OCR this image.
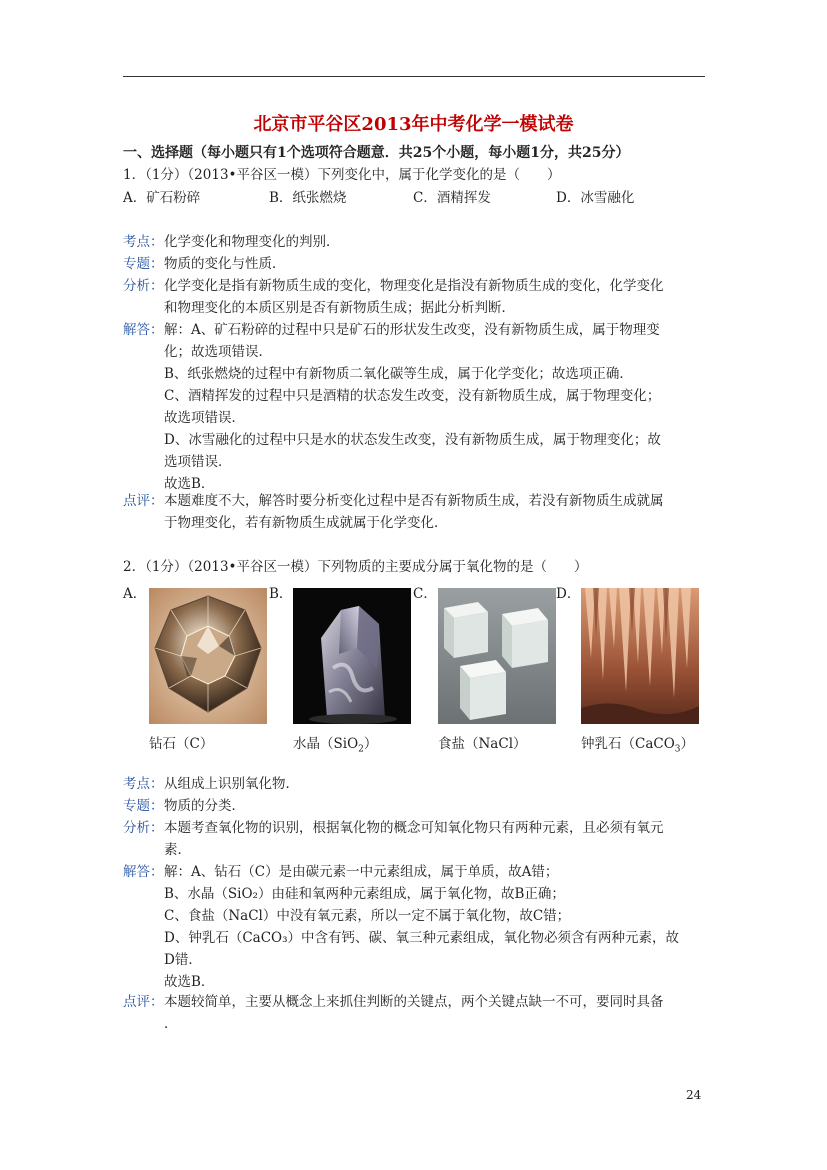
北京市平谷区2013年中考化学一模试卷
一、选择题（每小题只有1个选项符合题意．共25个小题，每小题1分，共25分）
1．（1分）（2013•平谷区一模）下列变化中，属于化学变化的是（　　）
A．矿石粉碎	B．纸张燃烧	C．酒精挥发	D．冰雪融化
考点： 化学变化和物理变化的判别．
专题： 物质的变化与性质．
分析： 化学变化是指有新物质生成的变化，物理变化是指没有新物质生成的变化，化学变化
和物理变化的本质区别是否有新物质生成；据此分析判断．
解答： 解：A、矿石粉碎的过程中只是矿石的形状发生改变，没有新物质生成，属于物理变
化；故选项错误．
B、纸张燃烧的过程中有新物质二氧化碳等生成，属于化学变化；故选项正确．
C、酒精挥发的过程中只是酒精的状态发生改变，没有新物质生成，属于物理变化；
故选项错误．
D、冰雪融化的过程中只是水的状态发生改变，没有新物质生成，属于物理变化；故
选项错误．
故选B．
点评： 本题难度不大，解答时要分析变化过程中是否有新物质生成，若没有新物质生成就属
于物理变化，若有新物质生成就属于化学变化．
2．（1分）（2013•平谷区一模）下列物质的主要成分属于氧化物的是（　　）
A．	B．	C．	D．
钻石（C）	水晶（SiO$_2$）	食盐（NaCl）	钟乳石（CaCO$_3$）
考点： 从组成上识别氧化物．
专题： 物质的分类．
分析： 本题考查氧化物的识别，根据氧化物的概念可知氧化物只有两种元素，且必须有氧元
素．
解答： 解：A、钻石（C）是由碳元素一中元素组成，属于单质，故A错；
B、水晶（SiO₂）由硅和氧两种元素组成，属于氧化物，故B正确；
C、食盐（NaCl）中没有氧元素，所以一定不属于氧化物，故C错；
D、钟乳石（CaCO₃）中含有钙、碳、氧三种元素组成，氧化物必须含有两种元素，故
D错．
故选B．
点评： 本题较简单，主要从概念上来抓住判断的关键点，两个关键点缺一不可，要同时具备
．
24
